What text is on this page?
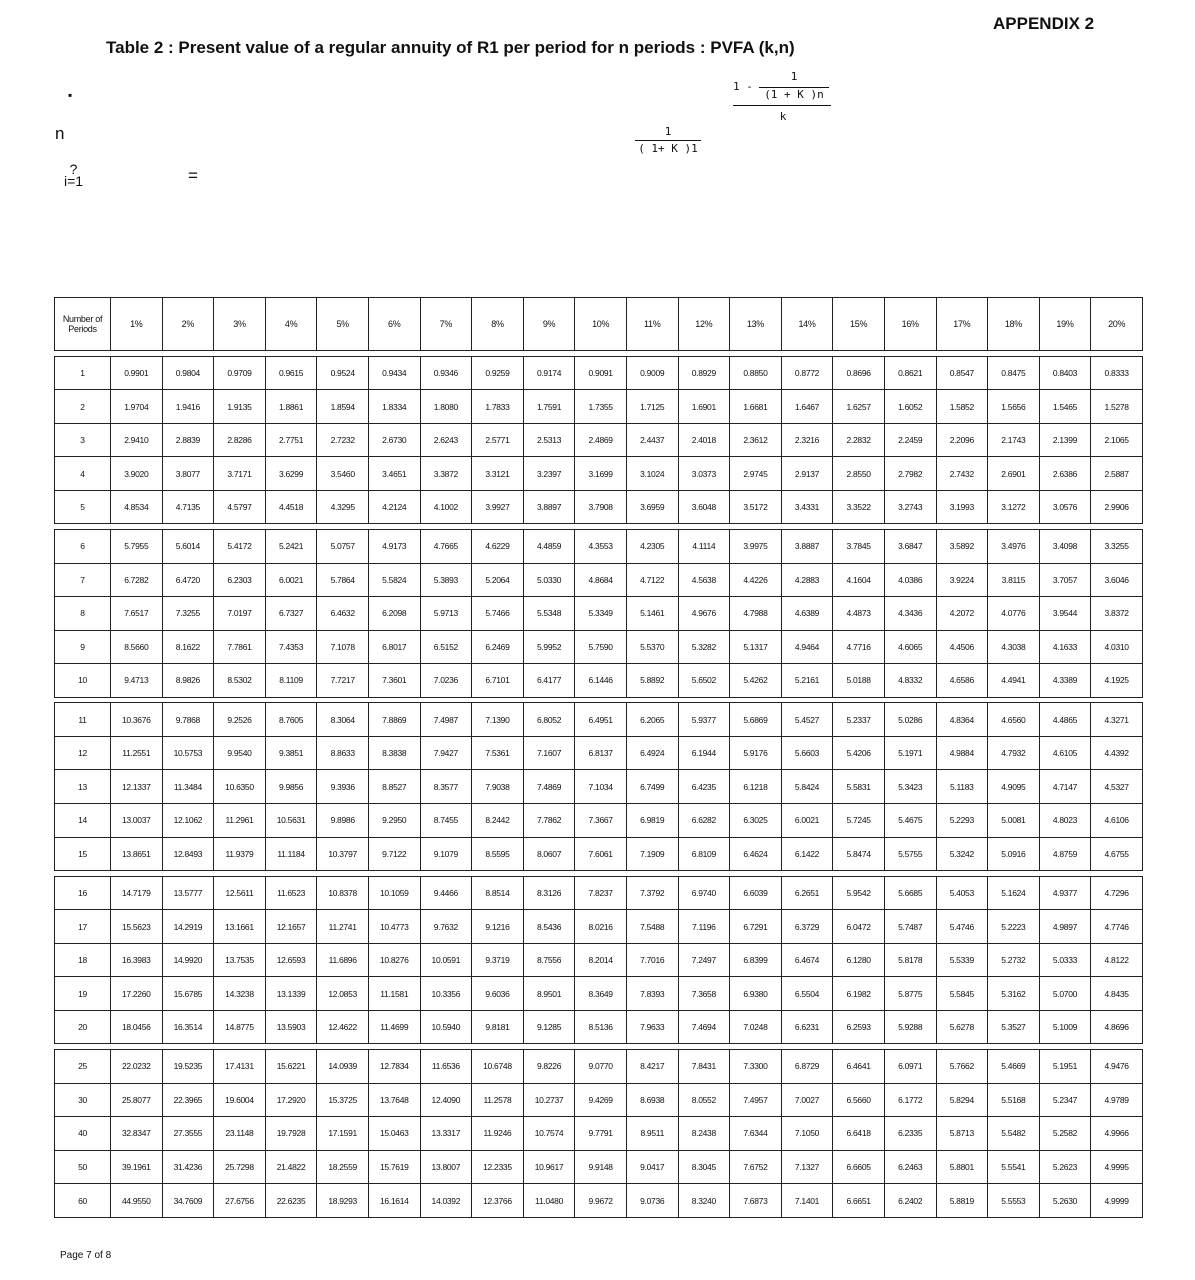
APPENDIX 2
Table 2 : Present value of a regular annuity of R1 per period for n periods : PVFA (k,n)
▪
n
?
i=1	=
1 -
1
(1 + K )n
k
1
( 1+ K )1
Number of Periods	1%	2%	3%	4%	5%	6%	7%	8%	9%	10%	11%	12%	13%	14%	15%	16%	17%	18%	19%	20%

1	0.9901	0.9804	0.9709	0.9615	0.9524	0.9434	0.9346	0.9259	0.9174	0.9091	0.9009	0.8929	0.8850	0.8772	0.8696	0.8621	0.8547	0.8475	0.8403	0.8333
2	1.9704	1.9416	1.9135	1.8861	1.8594	1.8334	1.8080	1.7833	1.7591	1.7355	1.7125	1.6901	1.6681	1.6467	1.6257	1.6052	1.5852	1.5656	1.5465	1.5278
3	2.9410	2.8839	2.8286	2.7751	2.7232	2.6730	2.6243	2.5771	2.5313	2.4869	2.4437	2.4018	2.3612	2.3216	2.2832	2.2459	2.2096	2.1743	2.1399	2.1065
4	3.9020	3.8077	3.7171	3.6299	3.5460	3.4651	3.3872	3.3121	3.2397	3.1699	3.1024	3.0373	2.9745	2.9137	2.8550	2.7982	2.7432	2.6901	2.6386	2.5887
5	4.8534	4.7135	4.5797	4.4518	4.3295	4.2124	4.1002	3.9927	3.8897	3.7908	3.6959	3.6048	3.5172	3.4331	3.3522	3.2743	3.1993	3.1272	3.0576	2.9906

6	5.7955	5.6014	5.4172	5.2421	5.0757	4.9173	4.7665	4.6229	4.4859	4.3553	4.2305	4.1114	3.9975	3.8887	3.7845	3.6847	3.5892	3.4976	3.4098	3.3255
7	6.7282	6.4720	6.2303	6.0021	5.7864	5.5824	5.3893	5.2064	5.0330	4.8684	4.7122	4.5638	4.4226	4.2883	4.1604	4.0386	3.9224	3.8115	3.7057	3.6046
8	7.6517	7.3255	7.0197	6.7327	6.4632	6.2098	5.9713	5.7466	5.5348	5.3349	5.1461	4.9676	4.7988	4.6389	4.4873	4.3436	4.2072	4.0776	3.9544	3.8372
9	8.5660	8.1622	7.7861	7.4353	7.1078	6.8017	6.5152	6.2469	5.9952	5.7590	5.5370	5.3282	5.1317	4.9464	4.7716	4.6065	4.4506	4.3038	4.1633	4.0310
10	9.4713	8.9826	8.5302	8.1109	7.7217	7.3601	7.0236	6.7101	6.4177	6.1446	5.8892	5.6502	5.4262	5.2161	5.0188	4.8332	4.6586	4.4941	4.3389	4.1925

11	10.3676	9.7868	9.2526	8.7605	8.3064	7.8869	7.4987	7.1390	6.8052	6.4951	6.2065	5.9377	5.6869	5.4527	5.2337	5.0286	4.8364	4.6560	4.4865	4.3271
12	11.2551	10.5753	9.9540	9.3851	8.8633	8.3838	7.9427	7.5361	7.1607	6.8137	6.4924	6.1944	5.9176	5.6603	5.4206	5.1971	4.9884	4.7932	4.6105	4.4392
13	12.1337	11.3484	10.6350	9.9856	9.3936	8.8527	8.3577	7.9038	7.4869	7.1034	6.7499	6.4235	6.1218	5.8424	5.5831	5.3423	5.1183	4.9095	4.7147	4.5327
14	13.0037	12.1062	11.2961	10.5631	9.8986	9.2950	8.7455	8.2442	7.7862	7.3667	6.9819	6.6282	6.3025	6.0021	5.7245	5.4675	5.2293	5.0081	4.8023	4.6106
15	13.8651	12.8493	11.9379	11.1184	10.3797	9.7122	9.1079	8.5595	8.0607	7.6061	7.1909	6.8109	6.4624	6.1422	5.8474	5.5755	5.3242	5.0916	4.8759	4.6755

16	14.7179	13.5777	12.5611	11.6523	10.8378	10.1059	9.4466	8.8514	8.3126	7.8237	7.3792	6.9740	6.6039	6.2651	5.9542	5.6685	5.4053	5.1624	4.9377	4.7296
17	15.5623	14.2919	13.1661	12.1657	11.2741	10.4773	9.7632	9.1216	8.5436	8.0216	7.5488	7.1196	6.7291	6.3729	6.0472	5.7487	5.4746	5.2223	4.9897	4.7746
18	16.3983	14.9920	13.7535	12.6593	11.6896	10.8276	10.0591	9.3719	8.7556	8.2014	7.7016	7.2497	6.8399	6.4674	6.1280	5.8178	5.5339	5.2732	5.0333	4.8122
19	17.2260	15.6785	14.3238	13.1339	12.0853	11.1581	10.3356	9.6036	8.9501	8.3649	7.8393	7.3658	6.9380	6.5504	6.1982	5.8775	5.5845	5.3162	5.0700	4.8435
20	18.0456	16.3514	14.8775	13.5903	12.4622	11.4699	10.5940	9.8181	9.1285	8.5136	7.9633	7.4694	7.0248	6.6231	6.2593	5.9288	5.6278	5.3527	5.1009	4.8696

25	22.0232	19.5235	17.4131	15.6221	14.0939	12.7834	11.6536	10.6748	9.8226	9.0770	8.4217	7.8431	7.3300	6.8729	6.4641	6.0971	5.7662	5.4669	5.1951	4.9476
30	25.8077	22.3965	19.6004	17.2920	15.3725	13.7648	12.4090	11.2578	10.2737	9.4269	8.6938	8.0552	7.4957	7.0027	6.5660	6.1772	5.8294	5.5168	5.2347	4.9789
40	32.8347	27.3555	23.1148	19.7928	17.1591	15.0463	13.3317	11.9246	10.7574	9.7791	8.9511	8.2438	7.6344	7.1050	6.6418	6.2335	5.8713	5.5482	5.2582	4.9966
50	39.1961	31.4236	25.7298	21.4822	18.2559	15.7619	13.8007	12.2335	10.9617	9.9148	9.0417	8.3045	7.6752	7.1327	6.6605	6.2463	5.8801	5.5541	5.2623	4.9995
60	44.9550	34.7609	27.6756	22.6235	18.9293	16.1614	14.0392	12.3766	11.0480	9.9672	9.0736	8.3240	7.6873	7.1401	6.6651	6.2402	5.8819	5.5553	5.2630	4.9999
Page 7 of 8
